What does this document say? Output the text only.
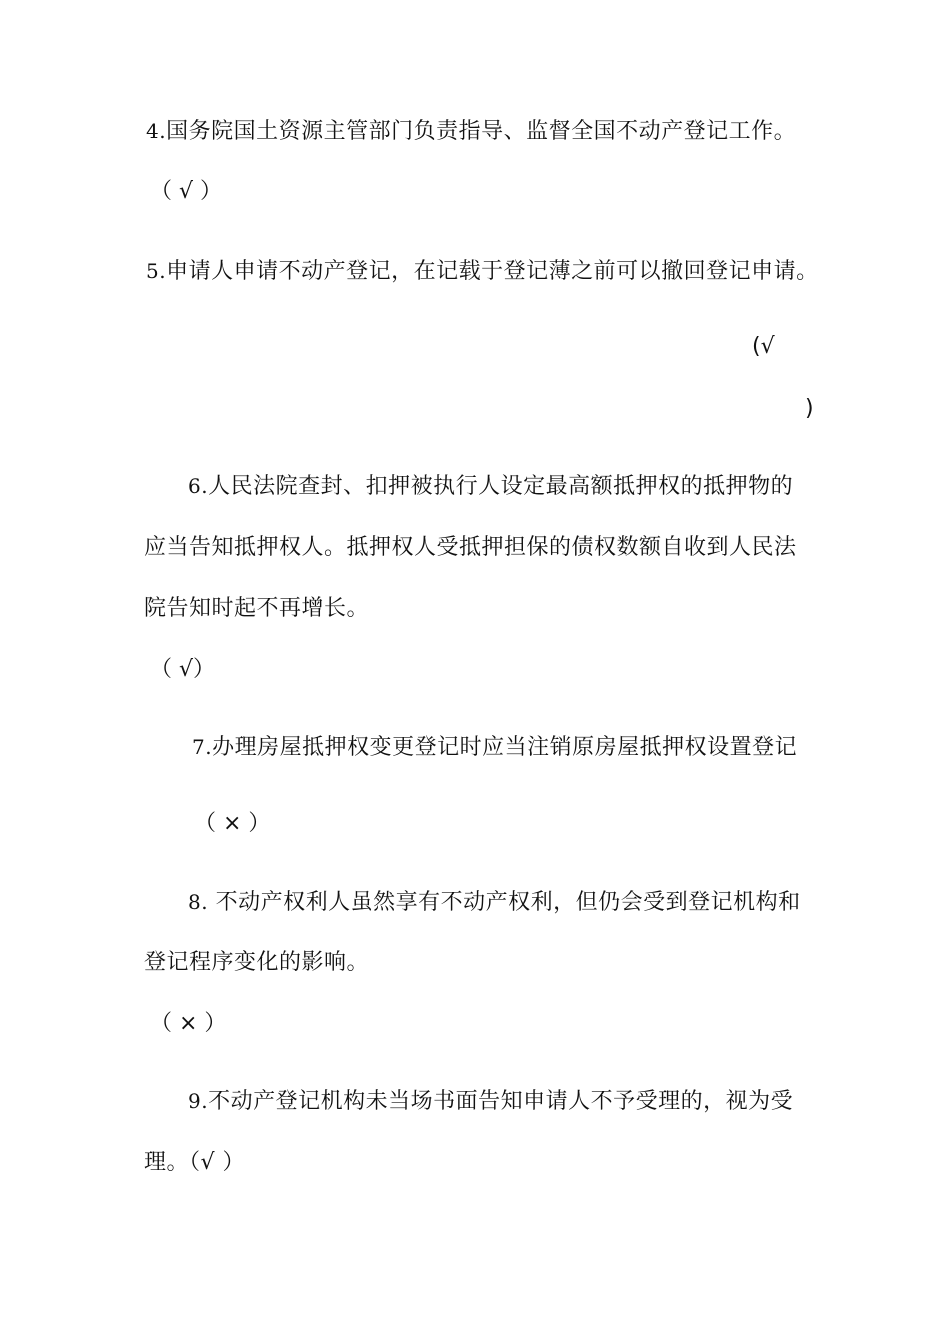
4.国务院国土资源主管部门负责指导、监督全国不动产登记工作。
（ √ ）
5.申请人申请不动产登记，在记载于登记薄之前可以撤回登记申请。
(√
)
6.人民法院查封、扣押被执行人设定最高额抵押权的抵押物的
应当告知抵押权人。抵押权人受抵押担保的债权数额自收到人民法
院告知时起不再增长。
（ √）
7.办理房屋抵押权变更登记时应当注销原房屋抵押权设置登记
（ × ）
8. 不动产权利人虽然享有不动产权利，但仍会受到登记机构和
登记程序变化的影响。
（ × ）
9.不动产登记机构未当场书面告知申请人不予受理的，视为受
理。（√ ）
